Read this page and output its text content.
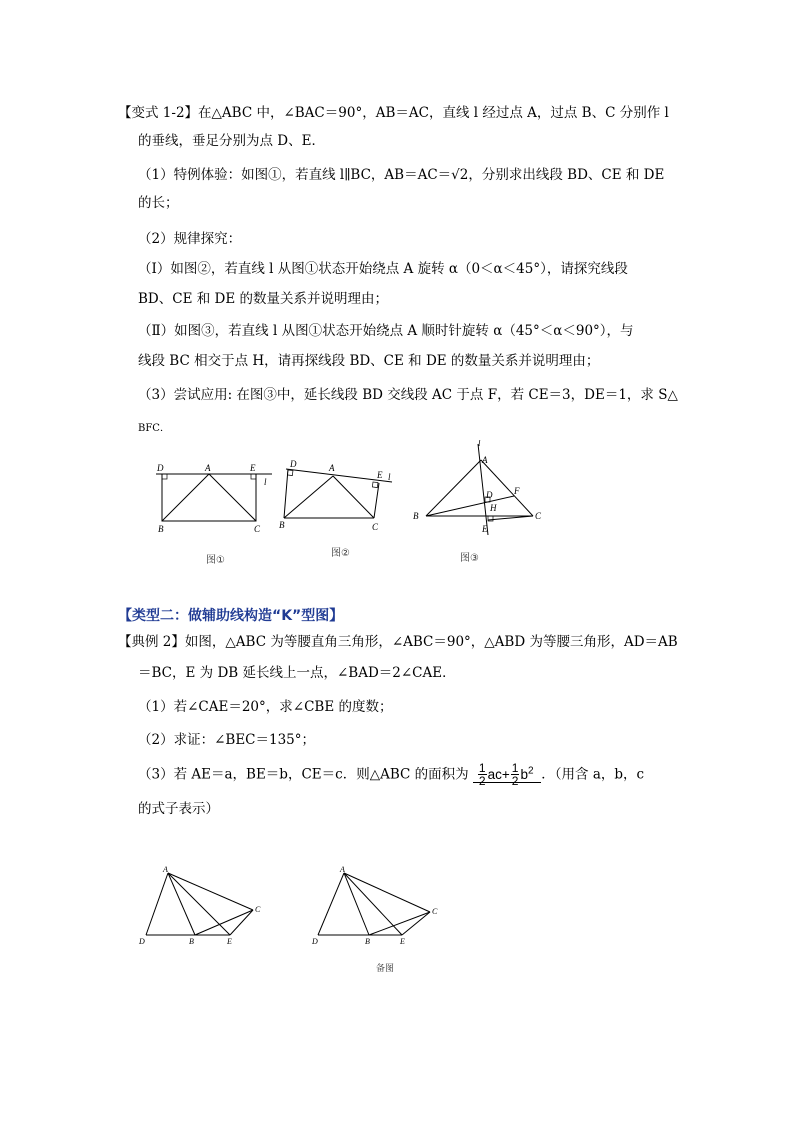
【变式 1-2】在△ABC 中，∠BAC＝90°，AB＝AC，直线 l 经过点 A，过点 B、C 分别作 l
的垂线，垂足分别为点 D、E．
（1）特例体验：如图①，若直线 l∥BC，AB＝AC＝√2，分别求出线段 BD、CE 和 DE
的长；
（2）规律探究：
（Ⅰ）如图②，若直线 l 从图①状态开始绕点 A 旋转 α（0＜α＜45°），请探究线段
BD、CE 和 DE 的数量关系并说明理由；
（Ⅱ）如图③，若直线 l 从图①状态开始绕点 A 顺时针旋转 α（45°＜α＜90°），与
线段 BC 相交于点 H，请再探线段 BD、CE 和 DE 的数量关系并说明理由；
（3）尝试应用: 在图③中，延长线段 BD 交线段 AC 于点 F，若 CE＝3，DE＝1，求 S△
BFC．
D	A	E
l
B	C
图①
D	A
E l
B	C
图②
l
A
D F
H
B
E
C
图③
【类型二：做辅助线构造“K”型图】
【典例 2】如图，△ABC 为等腰直角三角形，∠ABC＝90°，△ABD 为等腰三角形，AD＝AB
＝BC，E 为 DB 延长线上一点，∠BAD＝2∠CAE．
（1）若∠CAE＝20°，求∠CBE 的度数；
（2）求证：∠BEC＝135°；
（3）若 AE＝a，BE＝b，CE＝c．则△ABC 的面积为 $\frac{1}{2} ac+ \frac{1}{2} b^2$ ．（用含 a，b，c
的式子表示）
A
C
D	B	E
A
C
D	B	E
备图
